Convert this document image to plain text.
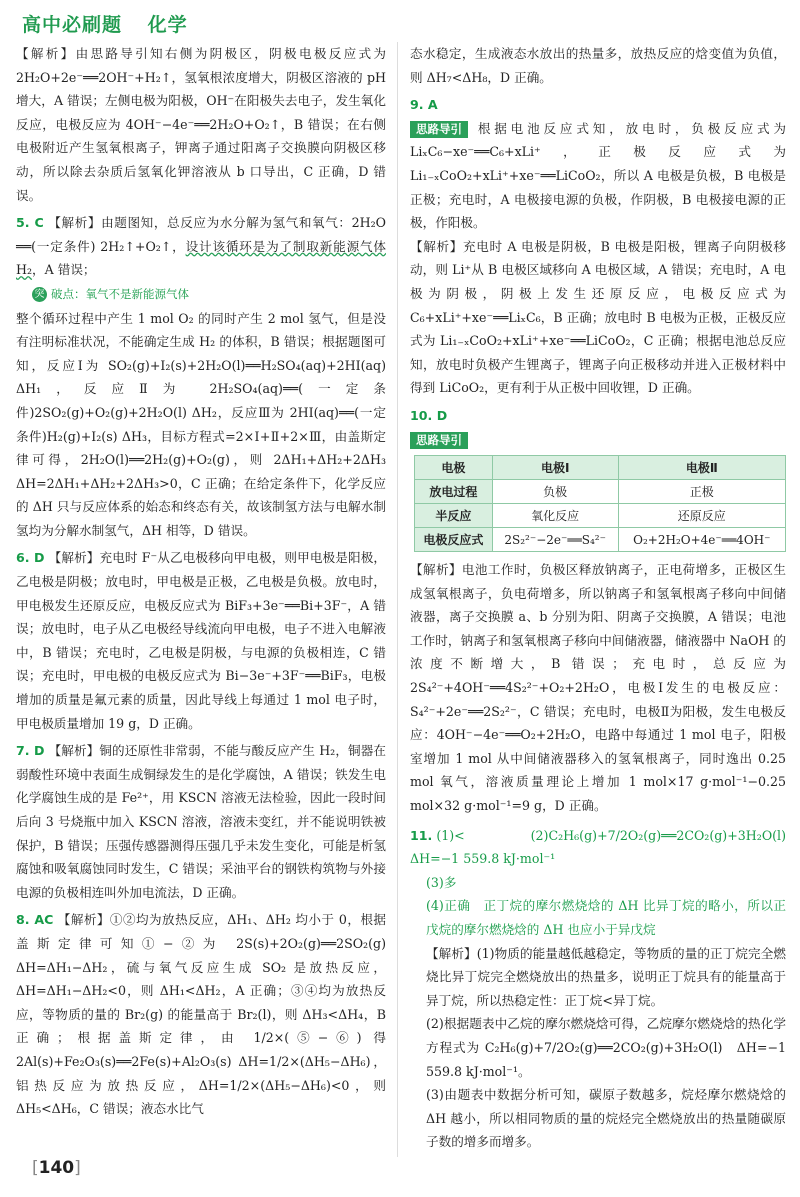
高中必刷题 化学

【解析】由思路导引知右侧为阴极区，阴极电极反应式为 2H₂O+2e⁻══2OH⁻+H₂↑，氢氧根浓度增大，阴极区溶液的 pH 增大，A 错误；左侧电极为阳极，OH⁻在阳极失去电子，发生氧化反应，电极反应为 4OH⁻−4e⁻══2H₂O+O₂↑，B 错误；在右侧电极附近产生氢氧根离子，钾离子通过阳离子交换膜向阴极区移动，所以除去杂质后氢氧化钾溶液从 b 口导出，C 正确，D 错误。

5. C 【解析】由题图知，总反应为水分解为氢气和氧气：2H₂O ══(一定条件) 2H₂↑+O₂↑，设计该循环是为了制取新能源气体 H₂，A 错误；

突 破点：氧气不是新能源气体

整个循环过程中产生 1 mol O₂ 的同时产生 2 mol 氢气，但是没有注明标准状况，不能确定生成 H₂ 的体积，B 错误；根据题图可知，反应Ⅰ为 SO₂(g)+I₂(s)+2H₂O(l)══H₂SO₄(aq)+2HI(aq) ΔH₁，反应Ⅱ为 2H₂SO₄(aq)══(一定条件)2SO₂(g)+O₂(g)+2H₂O(l) ΔH₂，反应Ⅲ为 2HI(aq)══(一定条件)H₂(g)+I₂(s) ΔH₃，目标方程式=2×Ⅰ+Ⅱ+2×Ⅲ，由盖斯定律可得，2H₂O(l)══2H₂(g)+O₂(g)，则 2ΔH₁+ΔH₂+2ΔH₃ ΔH=2ΔH₁+ΔH₂+2ΔH₃>0，C 正确；在给定条件下，化学反应的 ΔH 只与反应体系的始态和终态有关，故该制氢方法与电解水制氢均为分解水制氢气，ΔH 相等，D 错误。

6. D 【解析】充电时 F⁻从乙电极移向甲电极，则甲电极是阳极，乙电极是阴极；放电时，甲电极是正极，乙电极是负极。放电时，甲电极发生还原反应，电极反应式为 BiF₃+3e⁻══Bi+3F⁻，A 错误；放电时，电子从乙电极经导线流向甲电极，电子不进入电解液中，B 错误；充电时，乙电极是阴极，与电源的负极相连，C 错误；充电时，甲电极的电极反应式为 Bi−3e⁻+3F⁻══BiF₃，电极增加的质量是氟元素的质量，因此导线上每通过 1 mol 电子时，甲电极质量增加 19 g，D 正确。

7. D 【解析】铜的还原性非常弱，不能与酸反应产生 H₂，铜器在弱酸性环境中表面生成铜绿发生的是化学腐蚀，A 错误；铁发生电化学腐蚀生成的是 Fe²⁺，用 KSCN 溶液无法检验，因此一段时间后向 3 号烧瓶中加入 KSCN 溶液，溶液未变红，并不能说明铁被保护，B 错误；压强传感器测得压强几乎未发生变化，可能是析氢腐蚀和吸氧腐蚀同时发生，C 错误；采油平台的钢铁构筑物与外接电源的负极相连叫外加电流法，D 正确。

8. AC 【解析】①②均为放热反应，ΔH₁、ΔH₂ 均小于 0，根据盖斯定律可知①−②为 2S(s)+2O₂(g)══2SO₂(g) ΔH=ΔH₁−ΔH₂，硫与氧气反应生成 SO₂ 是放热反应，ΔH=ΔH₁−ΔH₂<0，则 ΔH₁<ΔH₂，A 正确；③④均为放热反应，等物质的量的 Br₂(g) 的能量高于 Br₂(l)，则 ΔH₃<ΔH₄，B 正确；根据盖斯定律，由 1/2×(⑤−⑥) 得 2Al(s)+Fe₂O₃(s)══2Fe(s)+Al₂O₃(s) ΔH=1/2×(ΔH₅−ΔH₆)，铝热反应为放热反应，ΔH=1/2×(ΔH₅−ΔH₆)<0，则 ΔH₅<ΔH₆，C 错误；液态水比气

态水稳定，生成液态水放出的热量多，放热反应的焓变值为负值，则 ΔH₇<ΔH₈，D 正确。

9. A

思路导引 根据电池反应式知，放电时，负极反应式为 LiₓC₆−xe⁻══C₆+xLi⁺，正极反应式为 Li₁₋ₓCoO₂+xLi⁺+xe⁻══LiCoO₂，所以 A 电极是负极，B 电极是正极；充电时，A 电极接电源的负极，作阴极，B 电极接电源的正极，作阳极。

【解析】充电时 A 电极是阴极，B 电极是阳极，锂离子向阴极移动，则 Li⁺从 B 电极区域移向 A 电极区域，A 错误；充电时，A 电极为阴极，阴极上发生还原反应，电极反应式为 C₆+xLi⁺+xe⁻══LiₓC₆，B 正确；放电时 B 电极为正极，正极反应式为 Li₁₋ₓCoO₂+xLi⁺+xe⁻══LiCoO₂，C 正确；根据电池总反应知，放电时负极产生锂离子，锂离子向正极移动并进入正极材料中得到 LiCoO₂，更有利于从正极中回收锂，D 正确。

10. D

思路导引

电极	电极Ⅰ	电极Ⅱ
放电过程	负极	正极
半反应	氧化反应	还原反应
电极反应式	2S₂²⁻−2e⁻══S₄²⁻	O₂+2H₂O+4e⁻══4OH⁻

【解析】电池工作时，负极区释放钠离子，正电荷增多，正极区生成氢氧根离子，负电荷增多，所以钠离子和氢氧根离子移向中间储液器，离子交换膜 a、b 分别为阳、阴离子交换膜，A 错误；电池工作时，钠离子和氢氧根离子移向中间储液器，储液器中 NaOH 的浓度不断增大，B 错误；充电时，总反应为 2S₄²⁻+4OH⁻══4S₂²⁻+O₂+2H₂O，电极Ⅰ发生的电极反应：S₄²⁻+2e⁻══2S₂²⁻，C 错误；充电时，电极Ⅱ为阳极，发生电极反应：4OH⁻−4e⁻══O₂+2H₂O，电路中每通过 1 mol 电子，阳极室增加 1 mol 从中间储液器移入的氢氧根离子，同时逸出 0.25 mol 氧气，溶液质量理论上增加 1 mol×17 g·mol⁻¹−0.25 mol×32 g·mol⁻¹=9 g，D 正确。

11. (1)<　(2)C₂H₆(g)+7/2O₂(g)══2CO₂(g)+3H₂O(l)　ΔH=−1 559.8 kJ·mol⁻¹

(3)多

(4)正确　正丁烷的摩尔燃烧焓的 ΔH 比异丁烷的略小，所以正戊烷的摩尔燃烧焓的 ΔH 也应小于异戊烷

【解析】(1)物质的能量越低越稳定，等物质的量的正丁烷完全燃烧比异丁烷完全燃烧放出的热量多，说明正丁烷具有的能量高于异丁烷，所以热稳定性：正丁烷<异丁烷。

(2)根据题表中乙烷的摩尔燃烧焓可得，乙烷摩尔燃烧焓的热化学方程式为 C₂H₆(g)+7/2O₂(g)══2CO₂(g)+3H₂O(l)　ΔH=−1 559.8 kJ·mol⁻¹。

(3)由题表中数据分析可知，碳原子数越多，烷烃摩尔燃烧焓的 ΔH 越小，所以相同物质的量的烷烃完全燃烧放出的热量随碳原子数的增多而增多。

[140]
